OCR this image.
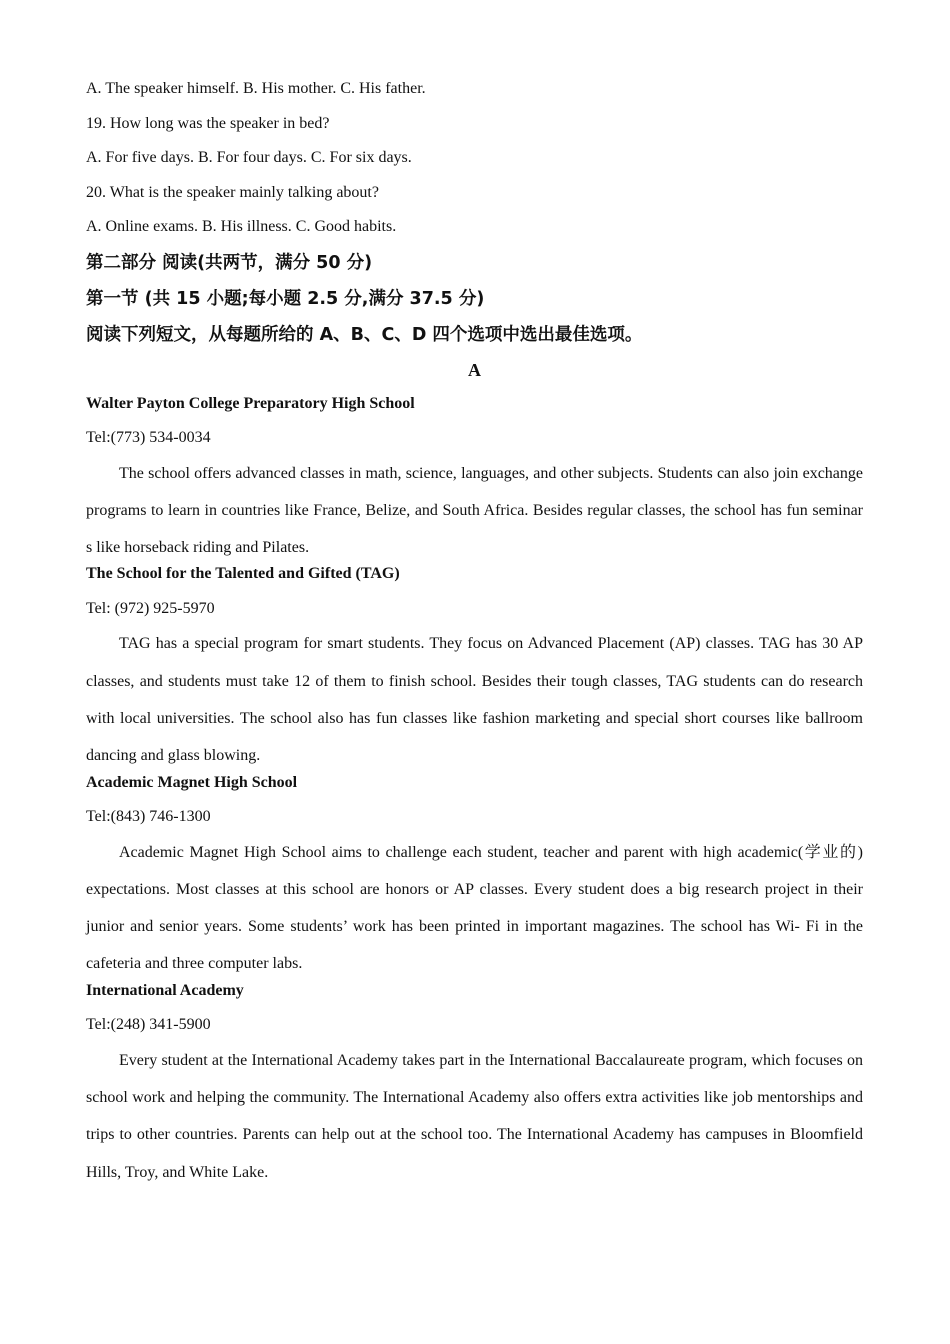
A. The speaker himself. B. His mother. C. His father.

19. How long was the speaker in bed?

A. For five days. B. For four days. C. For six days.

20. What is the speaker mainly talking about?

A. Online exams. B. His illness. C. Good habits.

第二部分 阅读(共两节，满分 50 分)

第一节 (共 15 小题;每小题 2.5 分,满分 37.5 分)

阅读下列短文，从每题所给的 A、B、C、D 四个选项中选出最佳选项。

A

Walter Payton College Preparatory High School

Tel:(773) 534-0034

The school offers advanced classes in math, science, languages, and other subjects. Students can also join exchange programs to learn in countries like France, Belize, and South Africa. Besides regular classes, the school has fun seminar s like horseback riding and Pilates.

The School for the Talented and Gifted (TAG)

Tel: (972) 925-5970

TAG has a special program for smart students. They focus on Advanced Placement (AP) classes. TAG has 30 AP classes, and students must take 12 of them to finish school. Besides their tough classes, TAG students can do research with local universities. The school also has fun classes like fashion marketing and special short courses like ballroom dancing and glass blowing.

Academic Magnet High School

Tel:(843) 746-1300

Academic Magnet High School aims to challenge each student, teacher and parent with high academic(学业的) expectations. Most classes at this school are honors or AP classes. Every student does a big research project in their junior and senior years. Some students’ work has been printed in important magazines. The school has Wi- Fi in the cafeteria and three computer labs.

International Academy

Tel:(248) 341-5900

Every student at the International Academy takes part in the International Baccalaureate program, which focuses on school work and helping the community. The International Academy also offers extra activities like job mentorships and trips to other countries. Parents can help out at the school too. The International Academy has campuses in Bloomfield Hills, Troy, and White Lake.
